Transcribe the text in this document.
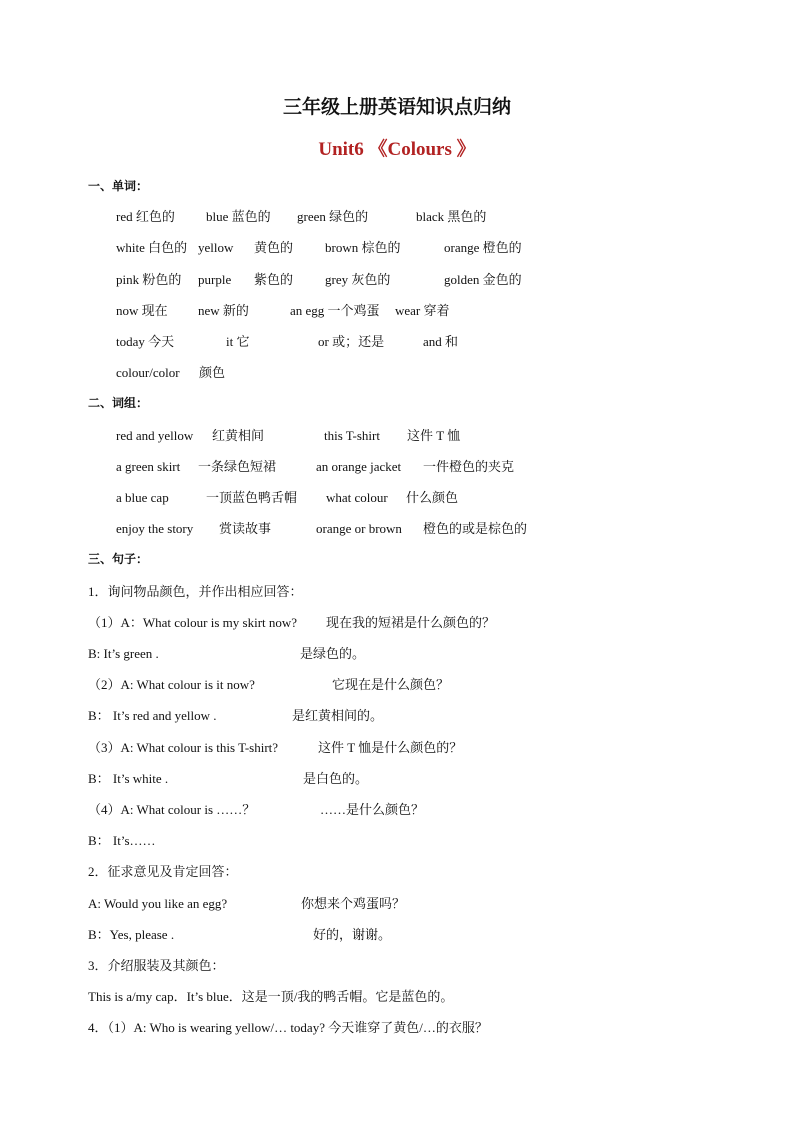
三年级上册英语知识点归纳
Unit6 《Colours 》
一、单词：
red 红色的 blue 蓝色的 green 绿色的	black 黑色的
white 白色的 yellow 黄色的 brown 棕色的	orange 橙色的
pink 粉色的 purple 紫色的 grey 灰色的	golden 金色的
now 现在 new 新的	an egg 一个鸡蛋 wear 穿着
today 今天	it 它	or 或；还是	and 和
colour/color 颜色
二、词组：
red and yellow 红黄相间	this T-shirt 这件 T 恤
a green skirt 一条绿色短裙	an orange jacket 一件橙色的夹克
a blue cap	一顶蓝色鸭舌帽 what colour 什么颜色
enjoy the story 赏读故事	orange or brown 橙色的或是棕色的
三、句子：
1．询问物品颜色，并作出相应回答：
（1）A：What colour is my skirt now? 现在我的短裙是什么颜色的？
B: It’s green .	是绿色的。
（2）A: What colour is it now?	它现在是什么颜色？
B： It’s red and yellow .	是红黄相间的。
（3）A: What colour is this T-shirt?	这件 T 恤是什么颜色的？
B： It’s white .	是白色的。
（4）A: What colour is ……？	……是什么颜色？
B： It’s……
2．征求意见及肯定回答：
A: Would you like an egg?	你想来个鸡蛋吗？
B：Yes, please .	好的，谢谢。
3．介绍服装及其颜色：
This is a/my cap．It’s blue．这是一顶/我的鸭舌帽。它是蓝色的。
4．（1）A: Who is wearing yellow/… today? 今天谁穿了黄色/…的衣服？
